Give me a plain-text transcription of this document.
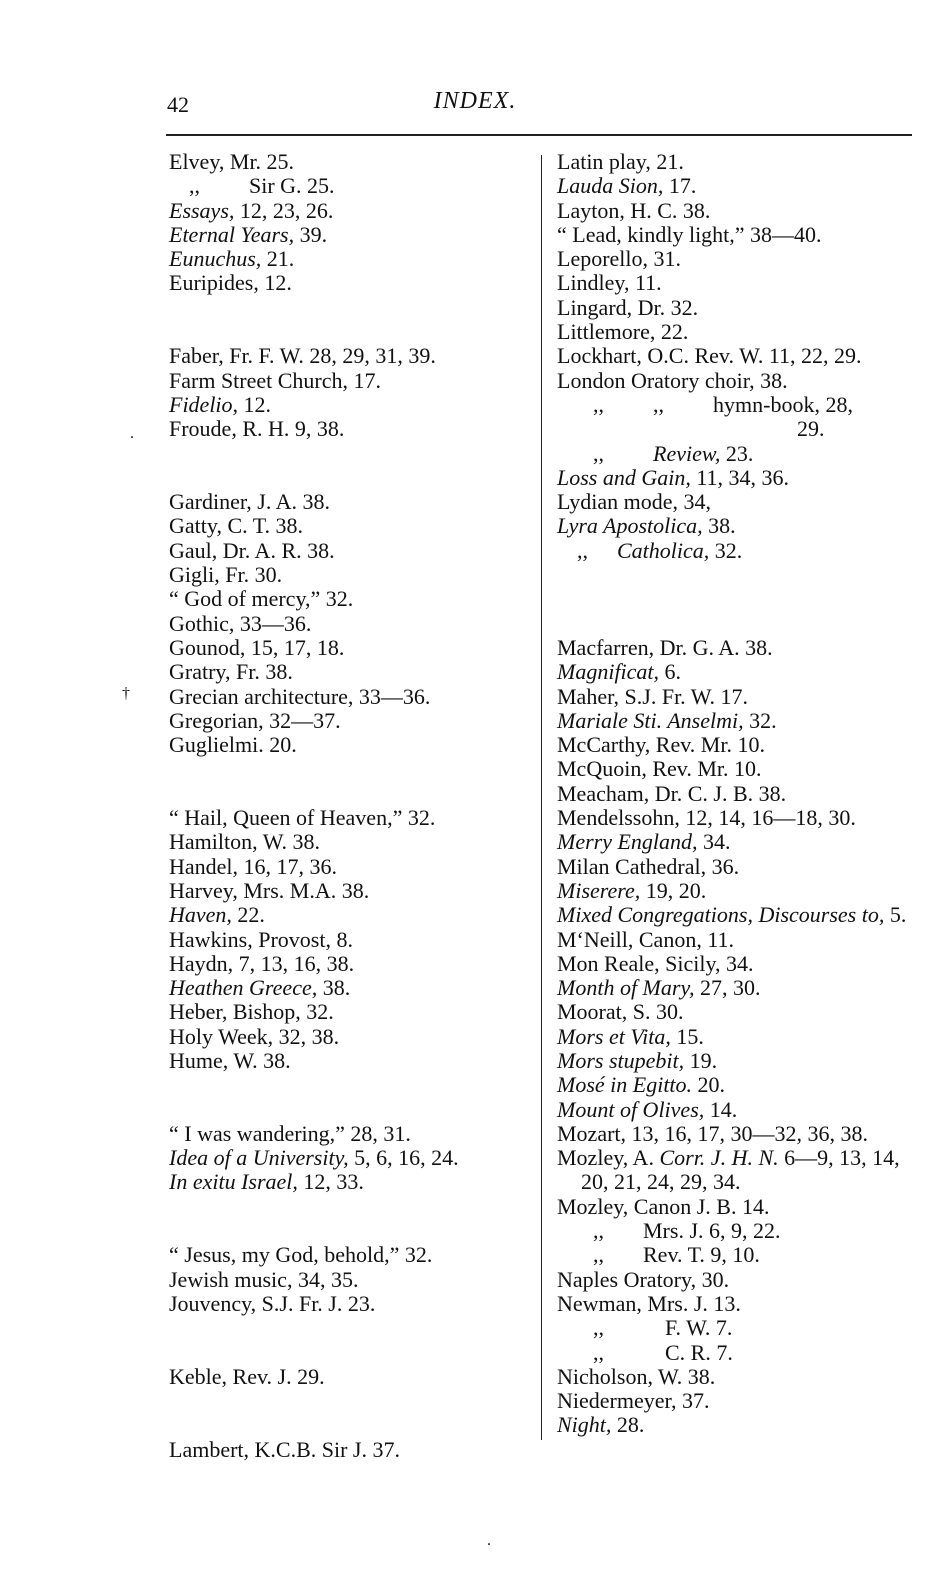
42	INDEX.
.
†
.
Elvey, Mr. 25.
,, Sir G. 25.
Essays, 12, 23, 26.
Eternal Years, 39.
Eunuchus, 21.
Euripides, 12.
Faber, Fr. F. W. 28, 29, 31, 39.
Farm Street Church, 17.
Fidelio, 12.
Froude, R. H. 9, 38.
Gardiner, J. A. 38.
Gatty, C. T. 38.
Gaul, Dr. A. R. 38.
Gigli, Fr. 30.
“ God of mercy,” 32.
Gothic, 33—36.
Gounod, 15, 17, 18.
Gratry, Fr. 38.
Grecian architecture, 33—36.
Gregorian, 32—37.
Guglielmi. 20.
“ Hail, Queen of Heaven,” 32.
Hamilton, W. 38.
Handel, 16, 17, 36.
Harvey, Mrs. M.A. 38.
Haven, 22.
Hawkins, Provost, 8.
Haydn, 7, 13, 16, 38.
Heathen Greece, 38.
Heber, Bishop, 32.
Holy Week, 32, 38.
Hume, W. 38.
“ I was wandering,” 28, 31.
Idea of a University, 5, 6, 16, 24.
In exitu Israel, 12, 33.
“ Jesus, my God, behold,” 32.
Jewish music, 34, 35.
Jouvency, S.J. Fr. J. 23.
Keble, Rev. J. 29.
Lambert, K.C.B. Sir J. 37.
Latin play, 21.
Lauda Sion, 17.
Layton, H. C. 38.
“ Lead, kindly light,” 38—40.
Leporello, 31.
Lindley, 11.
Lingard, Dr. 32.
Littlemore, 22.
Lockhart, O.C. Rev. W. 11, 22, 29.
London Oratory choir, 38.
,, ,, hymn-book, 28,
29.
,, Review, 23.
Loss and Gain, 11, 34, 36.
Lydian mode, 34,
Lyra Apostolica, 38.
,, Catholica, 32.
Macfarren, Dr. G. A. 38.
Magnificat, 6.
Maher, S.J. Fr. W. 17.
Mariale Sti. Anselmi, 32.
McCarthy, Rev. Mr. 10.
McQuoin, Rev. Mr. 10.
Meacham, Dr. C. J. B. 38.
Mendelssohn, 12, 14, 16—18, 30.
Merry England, 34.
Milan Cathedral, 36.
Miserere, 19, 20.
Mixed Congregations, Discourses to, 5.
M‘Neill, Canon, 11.
Mon Reale, Sicily, 34.
Month of Mary, 27, 30.
Moorat, S. 30.
Mors et Vita, 15.
Mors stupebit, 19.
Mosé in Egitto. 20.
Mount of Olives, 14.
Mozart, 13, 16, 17, 30—32, 36, 38.
Mozley, A. Corr. J. H. N. 6—9, 13, 14, 20, 21, 24, 29, 34.
Mozley, Canon J. B. 14.
,, Mrs. J. 6, 9, 22.
,, Rev. T. 9, 10.
Naples Oratory, 30.
Newman, Mrs. J. 13.
,,	F. W. 7.
,,	C. R. 7.
Nicholson, W. 38.
Niedermeyer, 37.
Night, 28.
